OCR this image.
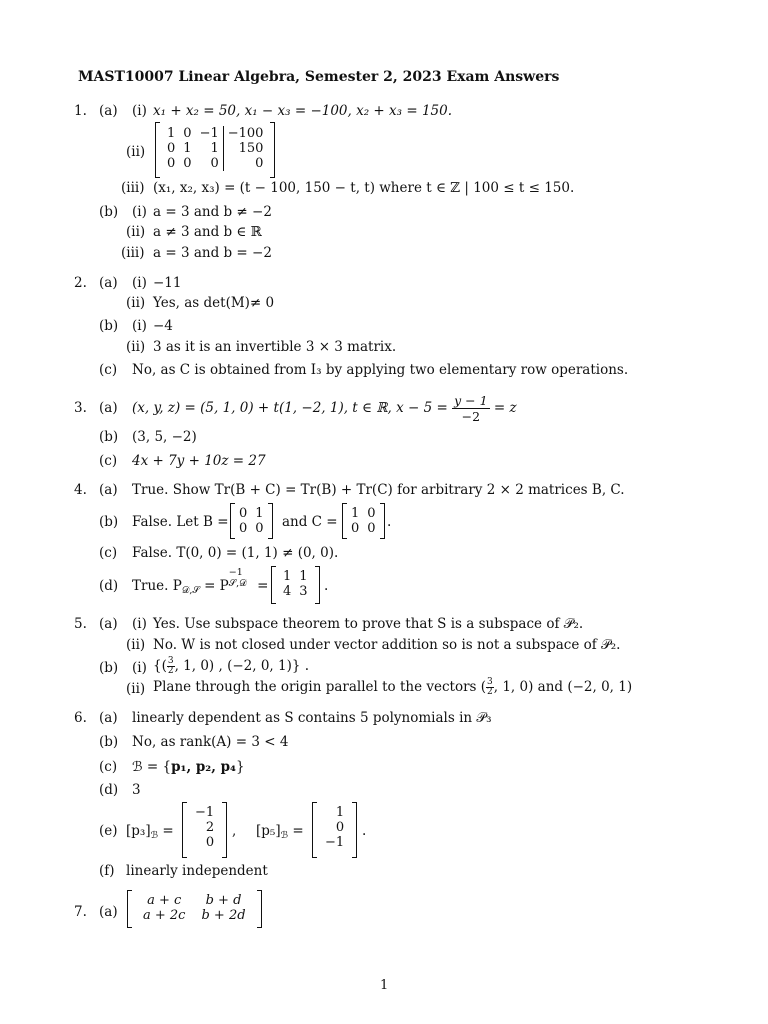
MAST10007 Linear Algebra, Semester 2, 2023 Exam Answers
1. (a) (i) x₁ + x₂ = 50, x₁ − x₃ = −100, x₂ + x₃ = 150.
(ii)
1	0	−1	−100
0	1	1	150
0	0	0	0
(iii) (x₁, x₂, x₃) = (t − 100, 150 − t, t) where t ∈ ℤ | 100 ≤ t ≤ 150.
(b) (i) a = 3 and b ≠ −2
(ii) a ≠ 3 and b ∈ ℝ
(iii) a = 3 and b = −2
2. (a) (i) −11
(ii) Yes, as det(M)≠ 0
(b) (i) −4
(ii) 3 as it is an invertible 3 × 3 matrix.
(c) No, as C is obtained from I₃ by applying two elementary row operations.
3. (a) (x, y, z) = (5, 1, 0) + t(1, −2, 1), t ∈ ℝ, $x - 5 = \frac{y - 1}{-2} = z$
(b) (3, 5, −2)
(c) 4x + 7y + 10z = 27
4. (a) True. Show Tr(B + C) = Tr(B) + Tr(C) for arbitrary 2 × 2 matrices B, C.
(b) False. Let B =
0	1
0	0 and C =
1	0
0	0 .
(c) False. T(0, 0) = (1, 1) ≠ (0, 0).
(d) True. $P_{𝒟,𝒮} = P$
−1
𝒮,𝒟 =
1	1
4	3 .
5. (a) (i) Yes. Use subspace theorem to prove that S is a subspace of 𝒫₂.
(ii) No. W is not closed under vector addition so is not a subspace of 𝒫₂.
(b) (i) {( $\frac{3}{2}$ , 1, 0) , (−2, 0, 1)} .
(ii) Plane through the origin parallel to the vectors ( $\frac{3}{2}$ , 1, 0) and (−2, 0, 1)
6. (a) linearly dependent as S contains 5 polynomials in 𝒫₃
(b) No, as rank(A) = 3 < 4
(c) ℬ = {p₁, p₂, p₄}
(d) 3
(e) $[p_3]_ℬ$ =
−1
2
0
, $[p_5]_ℬ$ =
1
0
−1
.
(f) linearly independent
7. (a)
a + c	b + d
a + 2c	b + 2d
1
